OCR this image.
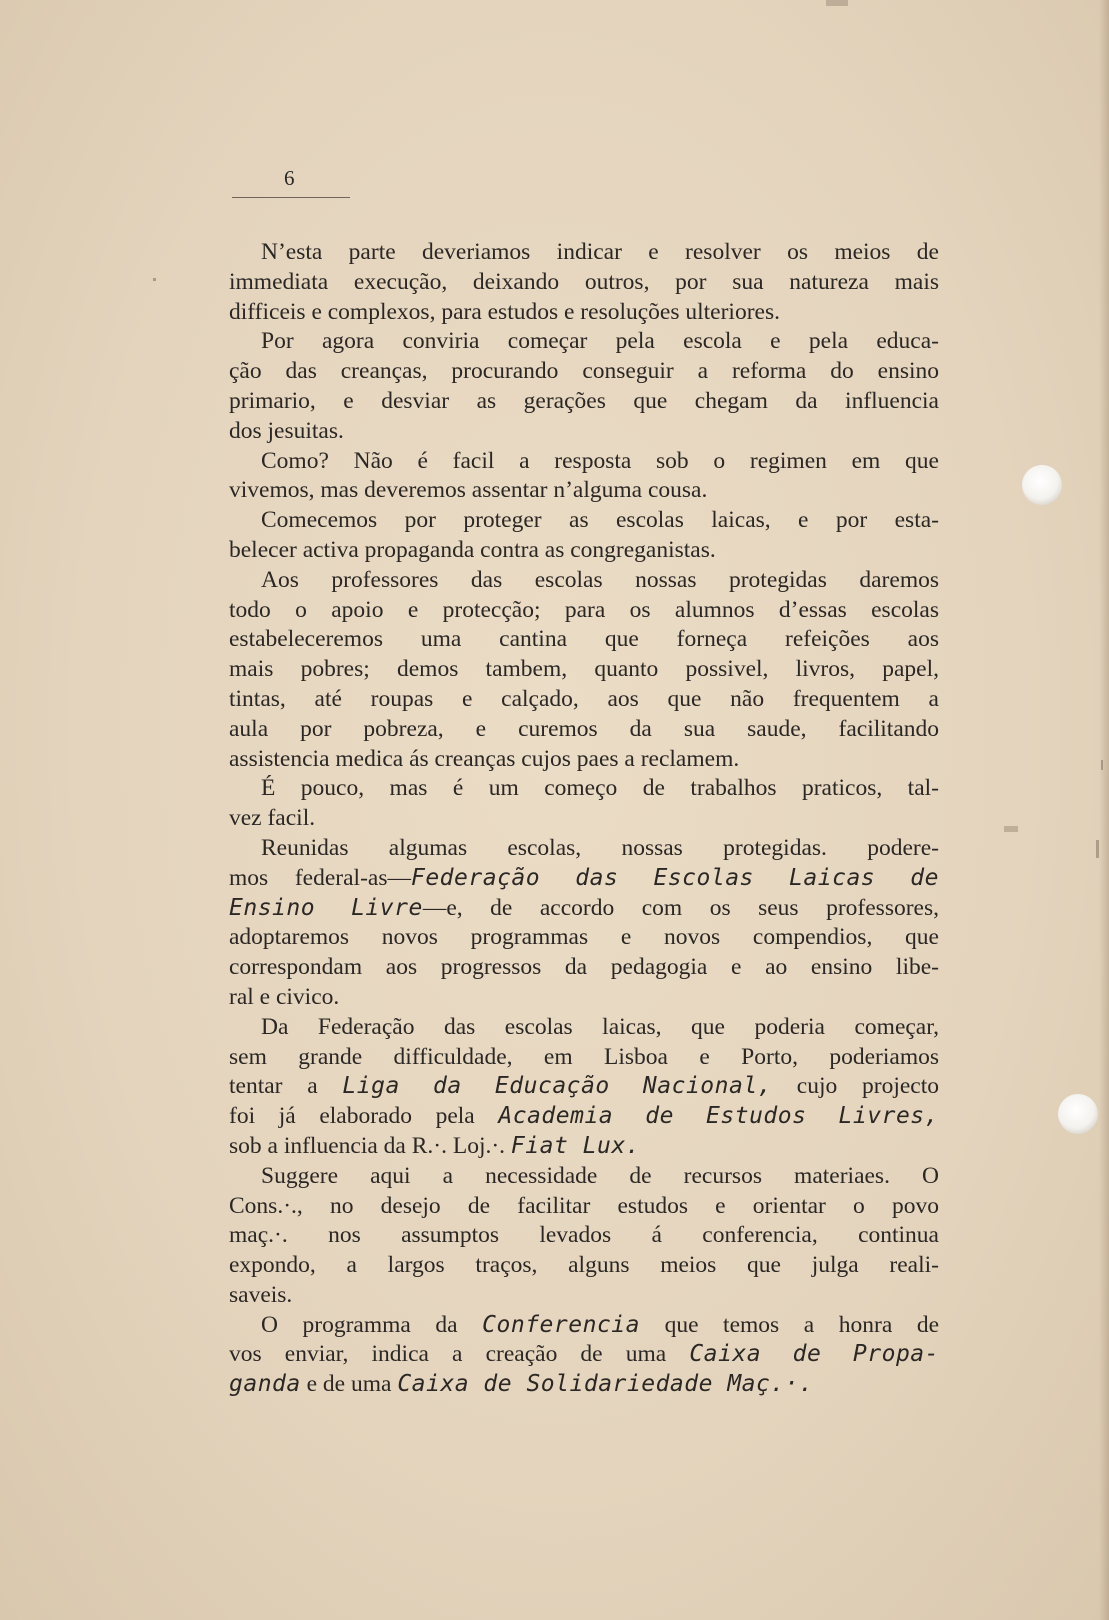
6
N’esta parte deveriamos indicar e resolver os meios de
immediata execução, deixando outros, por sua natureza mais
difficeis e complexos, para estudos e resoluções ulteriores.
Por agora conviria começar pela escola e pela educa-
ção das creanças, procurando conseguir a reforma do ensino
primario, e desviar as gerações que chegam da influencia
dos jesuitas.
Como? Não é facil a resposta sob o regimen em que
vivemos, mas deveremos assentar n’alguma cousa.
Comecemos por proteger as escolas laicas, e por esta-
belecer activa propaganda contra as congreganistas.
Aos professores das escolas nossas protegidas daremos
todo o apoio e protecção; para os alumnos d’essas escolas
estabeleceremos uma cantina que forneça refeições aos
mais pobres; demos tambem, quanto possivel, livros, papel,
tintas, até roupas e calçado, aos que não frequentem a
aula por pobreza, e curemos da sua saude, facilitando
assistencia medica ás creanças cujos paes a reclamem.
É pouco, mas é um começo de trabalhos praticos, tal-
vez facil.
Reunidas algumas escolas, nossas protegidas. podere-
mos federal-as—Federação das Escolas Laicas de
Ensino Livre—e, de accordo com os seus professores,
adoptaremos novos programmas e novos compendios, que
correspondam aos progressos da pedagogia e ao ensino libe-
ral e civico.
Da Federação das escolas laicas, que poderia começar,
sem grande difficuldade, em Lisboa e Porto, poderiamos
tentar a Liga da Educação Nacional, cujo projecto
foi já elaborado pela Academia de Estudos Livres,
sob a influencia da R.·. Loj.·. Fiat Lux.
Suggere aqui a necessidade de recursos materiaes. O
Cons.·., no desejo de facilitar estudos e orientar o povo
maç.·. nos assumptos levados á conferencia, continua
expondo, a largos traços, alguns meios que julga reali-
saveis.
O programma da Conferencia que temos a honra de
vos enviar, indica a creação de uma Caixa de Propa-
ganda e de uma Caixa de Solidariedade Maç.·.
